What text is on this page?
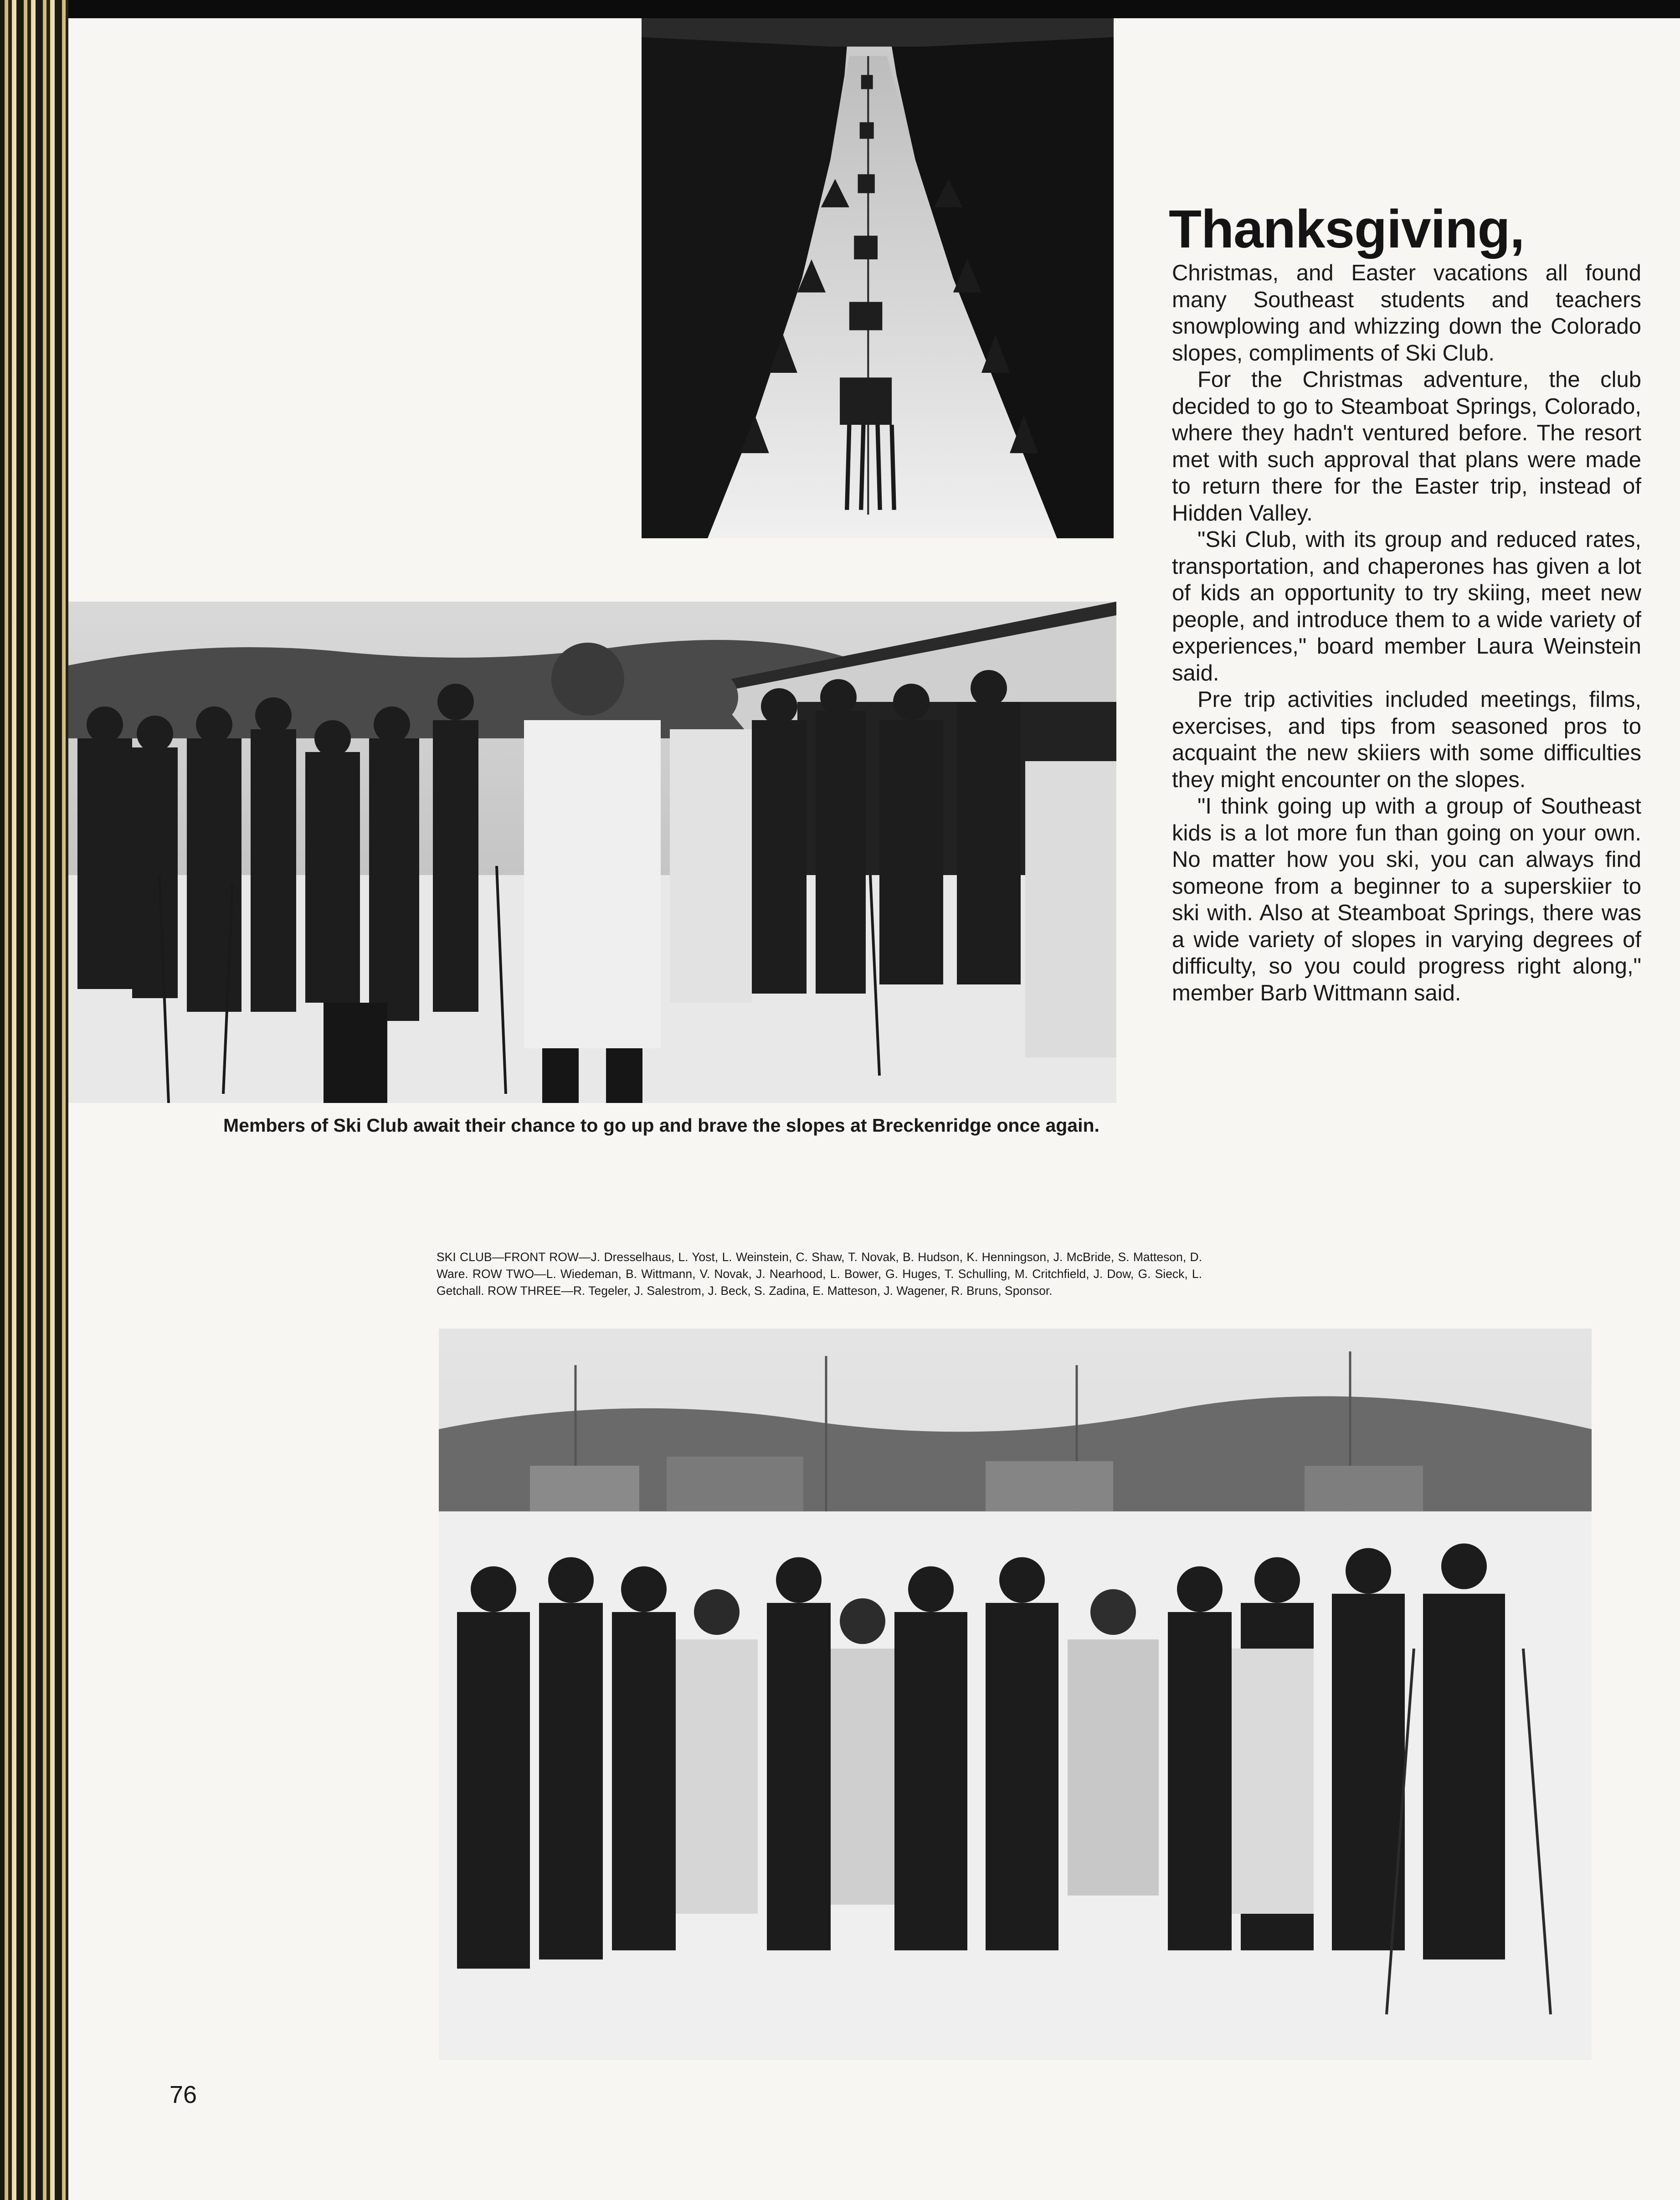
Thanksgiving,

Christmas, and Easter vacations all found many Southeast students and teachers snowplowing and whizzing down the Colorado slopes, compliments of Ski Club.

For the Christmas adventure, the club decided to go to Steamboat Springs, Colorado, where they hadn't ventured before. The resort met with such approval that plans were made to return there for the Easter trip, instead of Hidden Valley.

"Ski Club, with its group and reduced rates, transportation, and chaperones has given a lot of kids an opportunity to try skiing, meet new people, and introduce them to a wide variety of experiences," board member Laura Weinstein said.

Pre trip activities included meetings, films, exercises, and tips from seasoned pros to acquaint the new skiiers with some difficulties they might encounter on the slopes.

"I think going up with a group of Southeast kids is a lot more fun than going on your own. No matter how you ski, you can always find someone from a beginner to a superskiier to ski with. Also at Steamboat Springs, there was a wide variety of slopes in varying degrees of difficulty, so you could progress right along," member Barb Wittmann said.

Members of Ski Club await their chance to go up and brave the slopes at Breckenridge once again.
SKI CLUB—FRONT ROW—J. Dresselhaus, L. Yost, L. Weinstein, C. Shaw, T. Novak, B. Hudson, K. Henningson, J. McBride, S. Matteson, D. Ware. ROW TWO—L. Wiedeman, B. Wittmann, V. Novak, J. Nearhood, L. Bower, G. Huges, T. Schulling, M. Critchfield, J. Dow, G. Sieck, L. Getchall. ROW THREE—R. Tegeler, J. Salestrom, J. Beck, S. Zadina, E. Matteson, J. Wagener, R. Bruns, Sponsor.
76
